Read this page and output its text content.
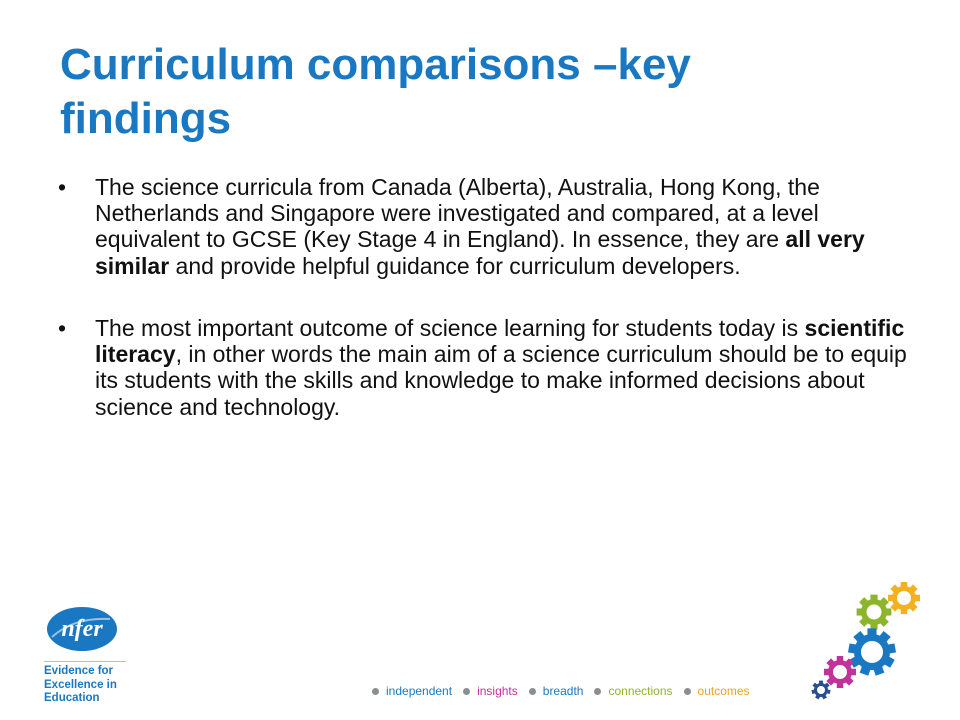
Curriculum comparisons –key findings
• The science curricula from Canada (Alberta), Australia, Hong Kong, the Netherlands and Singapore were investigated and compared, at a level equivalent to GCSE (Key Stage 4 in England). In essence, they are all very similar and provide helpful guidance for curriculum developers.
• The most important outcome of science learning for students today is scientific literacy, in other words the main aim of a science curriculum should be to equip its students with the skills and knowledge to make informed decisions about science and technology.
nfer
Evidence for
Excellence in
Education
independent insights breadth connections outcomes
